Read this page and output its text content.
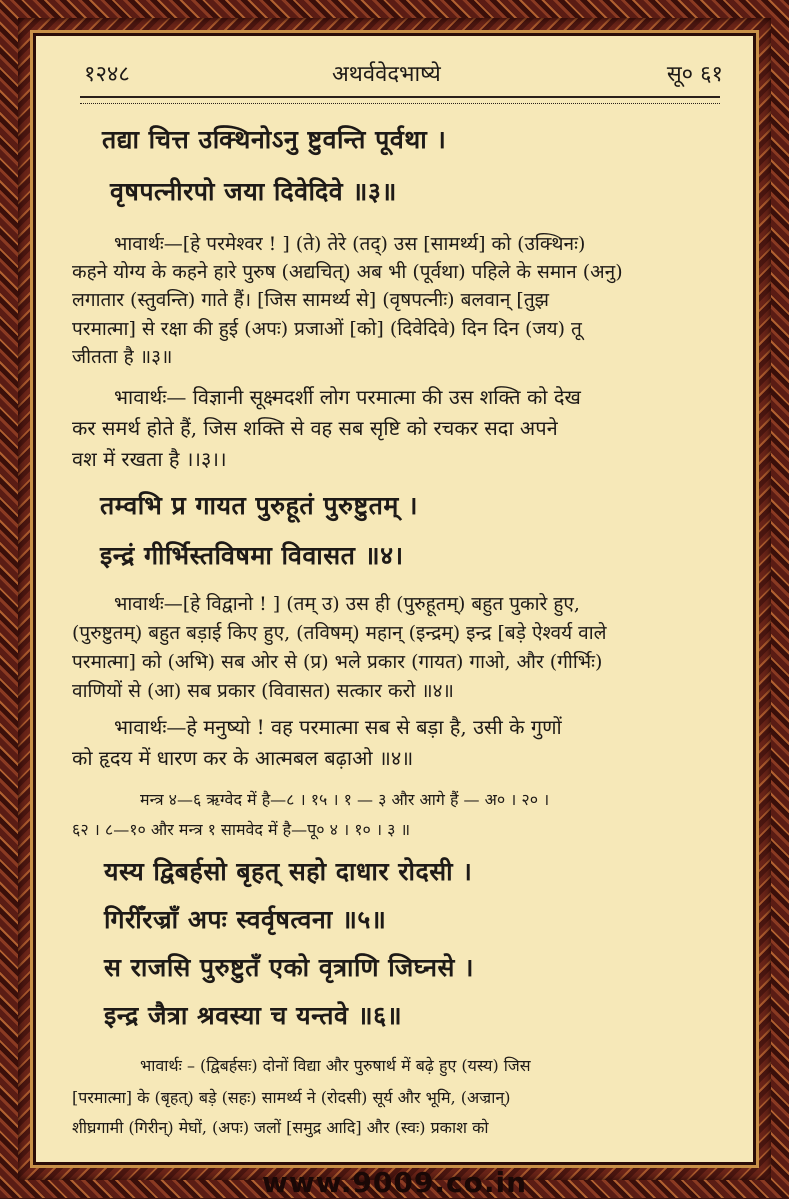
१२४८	अथर्ववेदभाष्ये	सू० ६१
तद्या चित्त उक्थिनोऽनु ष्टुवन्ति पूर्वथा ।
वृषपत्नीरपो जया दिवेदिवे ॥३॥
भावार्थः—[हे परमेश्वर ! ] (ते) तेरे (तद्) उस [सामर्थ्य] को (उक्थिनः)
कहने योग्य के कहने हारे पुरुष (अद्यचित्) अब भी (पूर्वथा) पहिले के समान (अनु)
लगातार (स्तुवन्ति) गाते हैं। [जिस सामर्थ्य से] (वृषपत्नीः) बलवान् [तुझ
परमात्मा] से रक्षा की हुई (अपः) प्रजाओं [को] (दिवेदिवे) दिन दिन (जय) तू
जीतता है ॥३॥
भावार्थः— विज्ञानी सूक्ष्मदर्शी लोग परमात्मा की उस शक्ति को देख
कर समर्थ होते हैं, जिस शक्ति से वह सब सृष्टि को रचकर सदा अपने
वश में रखता है ।।३।।
तम्वभि प्र गायत पुरुहूतं पुरुष्टुतम् ।
इन्द्रं गीर्भिस्तविषमा विवासत ॥४।
भावार्थः—[हे विद्वानो ! ] (तम् उ) उस ही (पुरुहूतम्) बहुत पुकारे हुए,
(पुरुष्टुतम्) बहुत बड़ाई किए हुए, (तविषम्) महान् (इन्द्रम्) इन्द्र [बड़े ऐश्वर्य वाले
परमात्मा] को (अभि) सब ओर से (प्र) भले प्रकार (गायत) गाओ, और (गीर्भिः)
वाणियों से (आ) सब प्रकार (विवासत) सत्कार करो ॥४॥
भावार्थः—हे मनुष्यो ! वह परमात्मा सब से बड़ा है, उसी के गुणों
को हृदय में धारण कर के आत्मबल बढ़ाओ ॥४॥
मन्त्र ४—६ ऋग्वेद में है—८ । १५ । १ — ३ और आगे हैं — अ० । २० ।
६२ । ८—१० और मन्त्र १ सामवेद में है—पू० ४ । १० । ३ ॥
यस्य द्विबर्हसो बृहत् सहो दाधार रोदसी ।
गिरीँरज्राँ अपः स्वर्वृषत्वना ॥५॥
स राजसि पुरुष्टुतँ एको वृत्राणि जिघ्नसे ।
इन्द्र जैत्रा श्रवस्या च यन्तवे ॥६॥
भावार्थः – (द्विबर्हसः) दोनों विद्या और पुरुषार्थ में बढ़े हुए (यस्य) जिस
[परमात्मा] के (बृहत्) बड़े (सहः) सामर्थ्य ने (रोदसी) सूर्य और भूमि, (अज्रान्)
शीघ्रगामी (गिरीन्) मेघों, (अपः) जलों [समुद्र आदि] और (स्वः) प्रकाश को
www.9009.co.in
